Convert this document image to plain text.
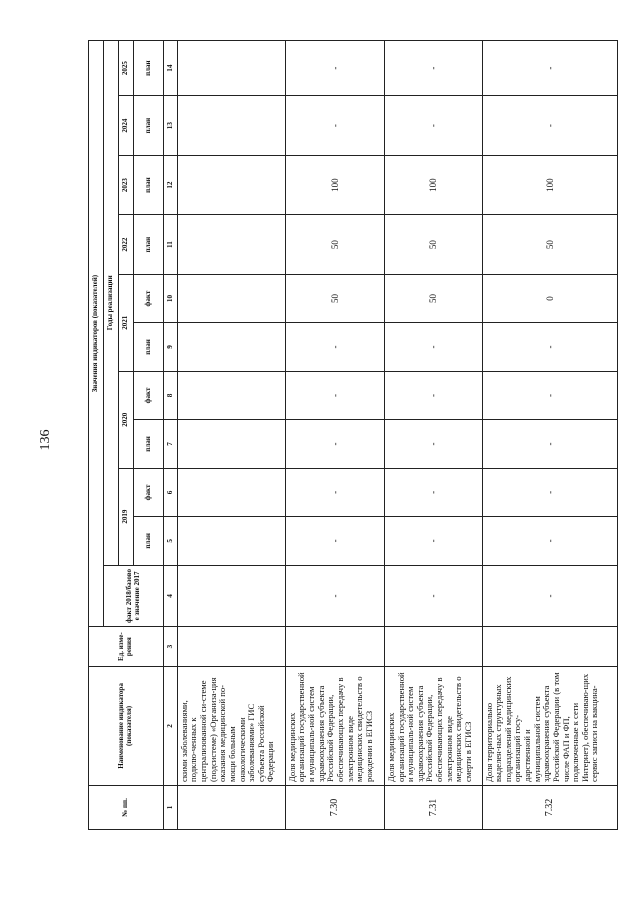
136
№ пп.	Наименование индикатора (показателя)	Ед. изме-рения	Значения индикаторов (показателей)										
			факт 2018/базово е значение 2017	Годы реализации									
				2019		2020		2021		2022	2023	2024	2025
				план	факт	план	факт	план	факт	план	план	план	план
1	2	3	4	5	6	7	8	9	10	11	12	13	14
	скими заболеваниями, подклю-ченных к централизованной си-стеме (подсистеме) «Организа-ция оказания медицинской по-мощи больным онкологическими заболеваниями» ГИС субъекта Российской Федерации												
7.30	Доля медицинских организаций государственной и муниципаль-ной систем здравоохранения субъекта Российской Федерации, обеспечивающих передачу в электронном виде медицинских свидетельств о рождении в ЕГИСЗ		-	-	-	-	-	-	50	50	100	-	-
7.31	Доля медицинских организаций государственной и муниципаль-ной систем здравоохранения субъекта Российской Федерации, обеспечивающих передачу в электронном виде медицинских свидетельств о смерти в ЕГИСЗ		-	-	-	-	-	-	50	50	100	-	-
7.32	Доля территориально выделен-ных структурных подразделений медицинских организаций госу-дарственной и муниципальной систем здравоохранения субъекта Российской Федерации (в том числе ФАП и ФП, подключенные к сети Интернет), обеспечиваю-щих сервис записи на вакцина-		-	-	-	-	-	-	0	50	100	-	-
